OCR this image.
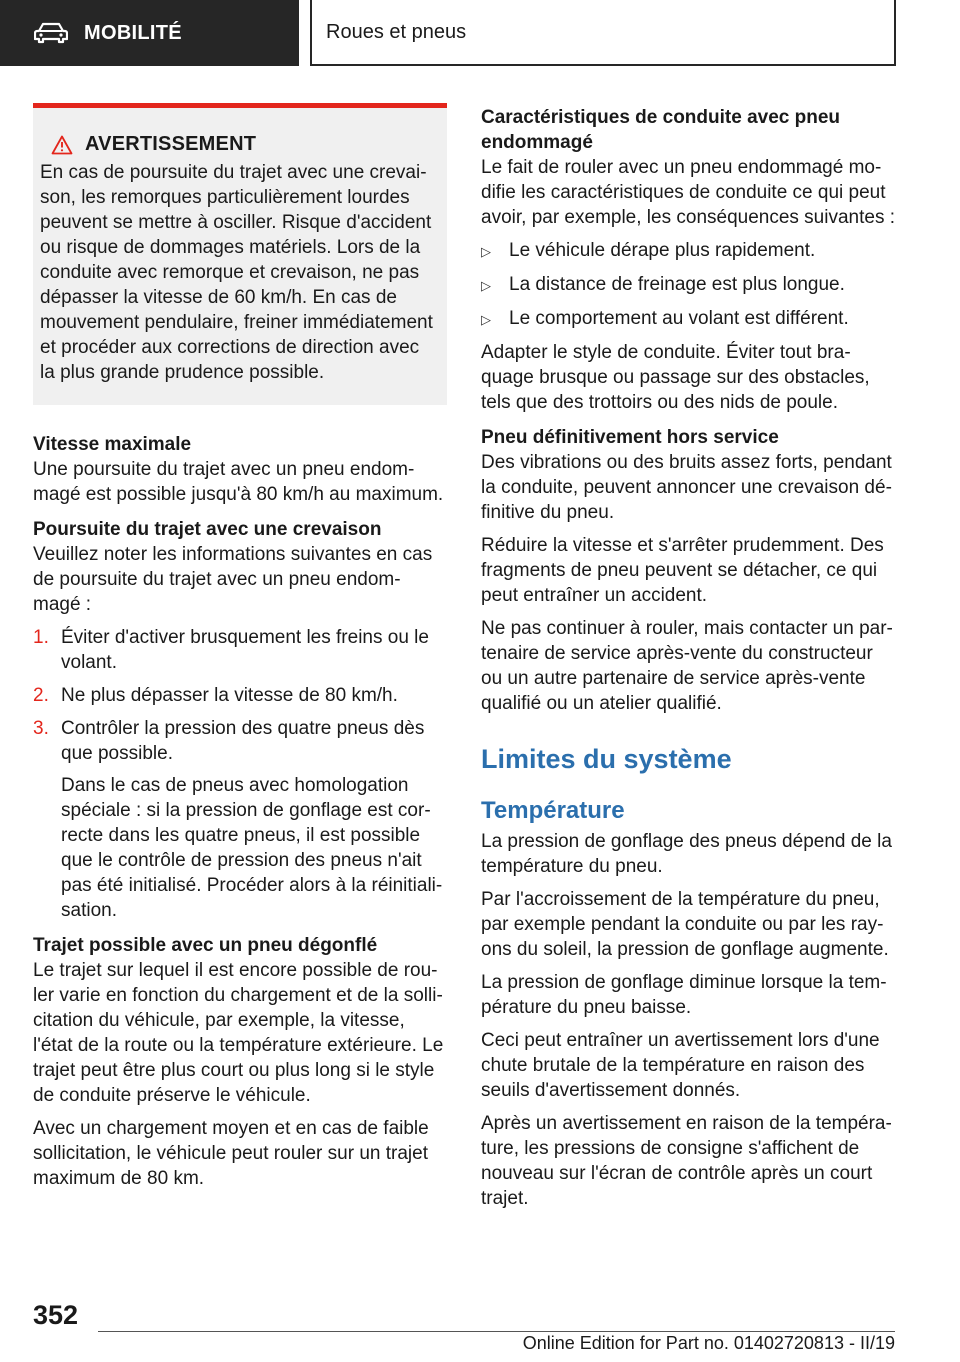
MOBILITÉ	Roues et pneus
AVERTISSEMENT

En cas de poursuite du trajet avec une crevai-son, les remorques particulièrement lourdes peuvent se mettre à osciller. Risque d'accident ou risque de dommages matériels. Lors de la conduite avec remorque et crevaison, ne pas dépasser la vitesse de 60 km/h. En cas de mouvement pendulaire, freiner immédiatement et procéder aux corrections de direction avec la plus grande prudence possible.

Vitesse maximale

Une poursuite du trajet avec un pneu endom-magé est possible jusqu'à 80 km/h au maximum.

Poursuite du trajet avec une crevaison

Veuillez noter les informations suivantes en cas de poursuite du trajet avec un pneu endom-magé :

1. Éviter d'activer brusquement les freins ou le volant.
2. Ne plus dépasser la vitesse de 80 km/h.
3. Contrôler la pression des quatre pneus dès que possible.
Dans le cas de pneus avec homologation spéciale : si la pression de gonflage est cor-recte dans les quatre pneus, il est possible que le contrôle de pression des pneus n'ait pas été initialisé. Procéder alors à la réinitiali-sation.
Trajet possible avec un pneu dégonflé

Le trajet sur lequel il est encore possible de rou-ler varie en fonction du chargement et de la solli-citation du véhicule, par exemple, la vitesse, l'état de la route ou la température extérieure. Le trajet peut être plus court ou plus long si le style de conduite préserve le véhicule.

Avec un chargement moyen et en cas de faible sollicitation, le véhicule peut rouler sur un trajet maximum de 80 km.

Caractéristiques de conduite avec pneu endommagé

Le fait de rouler avec un pneu endommagé mo-difie les caractéristiques de conduite ce qui peut avoir, par exemple, les conséquences suivantes :

▷ Le véhicule dérape plus rapidement.
▷ La distance de freinage est plus longue.
▷ Le comportement au volant est différent.

Adapter le style de conduite. Éviter tout bra-quage brusque ou passage sur des obstacles, tels que des trottoirs ou des nids de poule.

Pneu définitivement hors service

Des vibrations ou des bruits assez forts, pendant la conduite, peuvent annoncer une crevaison dé-finitive du pneu.

Réduire la vitesse et s'arrêter prudemment. Des fragments de pneu peuvent se détacher, ce qui peut entraîner un accident.

Ne pas continuer à rouler, mais contacter un par-tenaire de service après-vente du constructeur ou un autre partenaire de service après-vente qualifié ou un atelier qualifié.

Limites du système
Température

La pression de gonflage des pneus dépend de la température du pneu.

Par l'accroissement de la température du pneu, par exemple pendant la conduite ou par les ray-ons du soleil, la pression de gonflage augmente.

La pression de gonflage diminue lorsque la tem-pérature du pneu baisse.

Ceci peut entraîner un avertissement lors d'une chute brutale de la température en raison des seuils d'avertissement donnés.

Après un avertissement en raison de la tempéra-ture, les pressions de consigne s'affichent de nouveau sur l'écran de contrôle après un court trajet.

352
Online Edition for Part no. 01402720813 - II/19
